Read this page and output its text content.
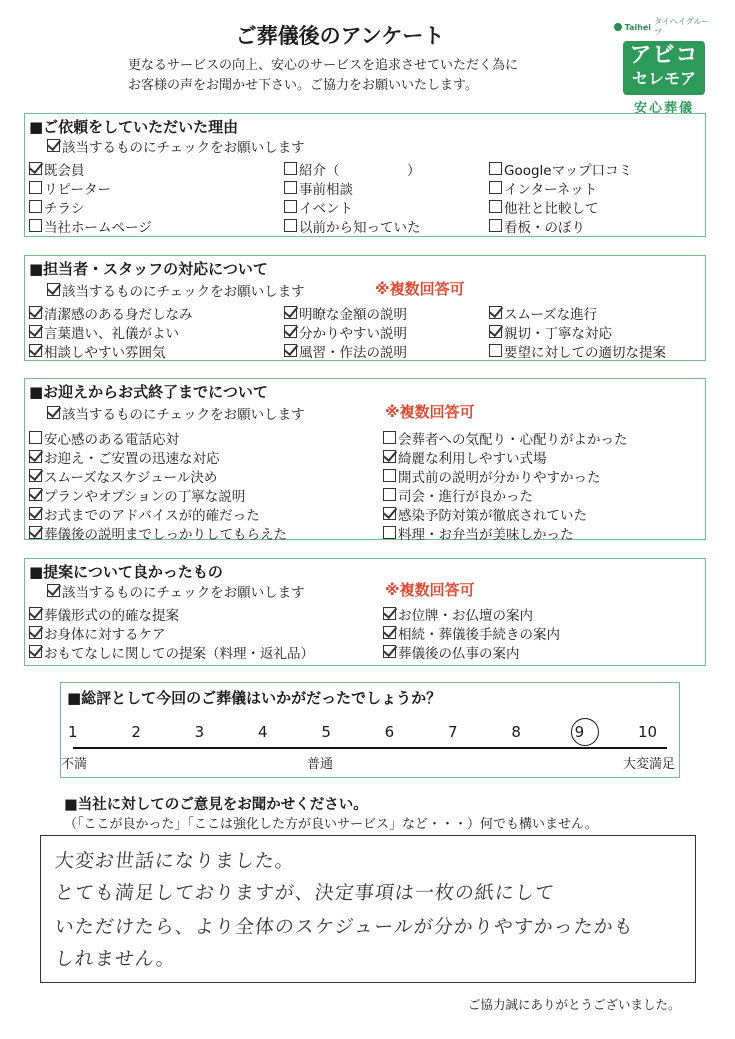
ご葬儀後のアンケート
更なるサービスの向上、安心のサービスを追求させていただく為に
お客様の声をお聞かせ下さい。ご協力をお願いいたします。
Taihei
タイヘイグループ
アビコ
セレモア
安心葬儀
■ご依頼をしていただいた理由
該当するものにチェックをお願いします
既会員	紹介（　　　　　）	Googleマップ口コミ
リピーター	事前相談	インターネット
チラシ	イベント	他社と比較して
当社ホームページ	以前から知っていた	看板・のぼり
■担当者・スタッフの対応について
該当するものにチェックをお願いします	※複数回答可
清潔感のある身だしなみ	明瞭な金額の説明	スムーズな進行
言葉遣い、礼儀がよい	分かりやすい説明	親切・丁寧な対応
相談しやすい雰囲気	風習・作法の説明	要望に対しての適切な提案
■お迎えからお式終了までについて
該当するものにチェックをお願いします	※複数回答可
安心感のある電話応対	会葬者への気配り・心配りがよかった
お迎え・ご安置の迅速な対応	綺麗な利用しやすい式場
スムーズなスケジュール決め	開式前の説明が分かりやすかった
プランやオプションの丁寧な説明	司会・進行が良かった
お式までのアドバイスが的確だった	感染予防対策が徹底されていた
葬儀後の説明までしっかりしてもらえた	料理・お弁当が美味しかった
■提案について良かったもの
該当するものにチェックをお願いします	※複数回答可
葬儀形式の的確な提案	お位牌・お仏壇の案内
お身体に対するケア	相続・葬儀後手続きの案内
おもてなしに関しての提案（料理・返礼品）	葬儀後の仏事の案内
■総評として今回のご葬儀はいかがだったでしょうか？
1	2	3	4	5	6	7	8	9	10
不満	普通	大変満足
■当社に対してのご意見をお聞かせください。
（「ここが良かった」「ここは強化した方が良いサービス」など・・・）何でも構いません。
大変お世話になりました。
とても満足しておりますが、決定事項は一枚の紙にして
いただけたら、より全体のスケジュールが分かりやすかったかも
しれません。
ご協力誠にありがとうございました。
